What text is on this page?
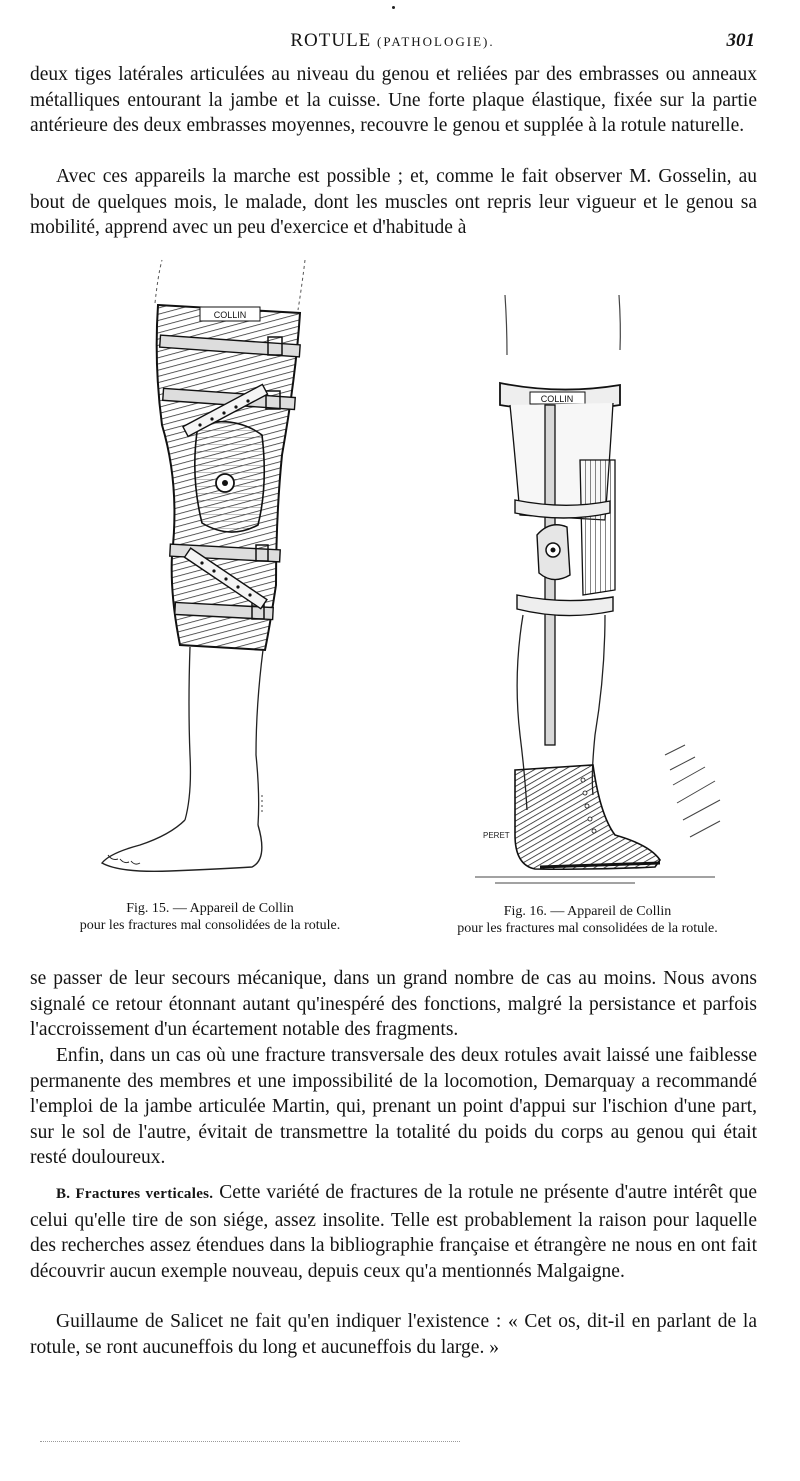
ROTULE (PATHOLOGIE).	301

deux tiges latérales articulées au niveau du genou et reliées par des embrasses ou anneaux métalliques entourant la jambe et la cuisse. Une forte plaque élastique, fixée sur la partie antérieure des deux embrasses moyennes, recouvre le genou et supplée à la rotule naturelle.

Avec ces appareils la marche est possible ; et, comme le fait observer M. Gosselin, au bout de quelques mois, le malade, dont les muscles ont repris leur vigueur et le genou sa mobilité, apprend avec un peu d'exercice et d'habitude à

COLLIN
COLLIN
PERET
Fig. 15. — Appareil de Collin
pour les fractures mal consolidées de la rotule.
Fig. 16. — Appareil de Collin
pour les fractures mal consolidées de la rotule.

se passer de leur secours mécanique, dans un grand nombre de cas au moins. Nous avons signalé ce retour étonnant autant qu'inespéré des fonctions, malgré la persistance et parfois l'accroissement d'un écartement notable des fragments.

Enfin, dans un cas où une fracture transversale des deux rotules avait laissé une faiblesse permanente des membres et une impossibilité de la locomotion, Demarquay a recommandé l'emploi de la jambe articulée Martin, qui, prenant un point d'appui sur l'ischion d'une part, sur le sol de l'autre, évitait de transmettre la totalité du poids du corps au genou qui était resté douloureux.

B. Fractures verticales. Cette variété de fractures de la rotule ne présente d'autre intérêt que celui qu'elle tire de son siége, assez insolite. Telle est probablement la raison pour laquelle des recherches assez étendues dans la bibliographie française et étrangère ne nous en ont fait découvrir aucun exemple nouveau, depuis ceux qu'a mentionnés Malgaigne.

Guillaume de Salicet ne fait qu'en indiquer l'existence : « Cet os, dit-il en parlant de la rotule, se ront aucuneffois du long et aucuneffois du large. »
